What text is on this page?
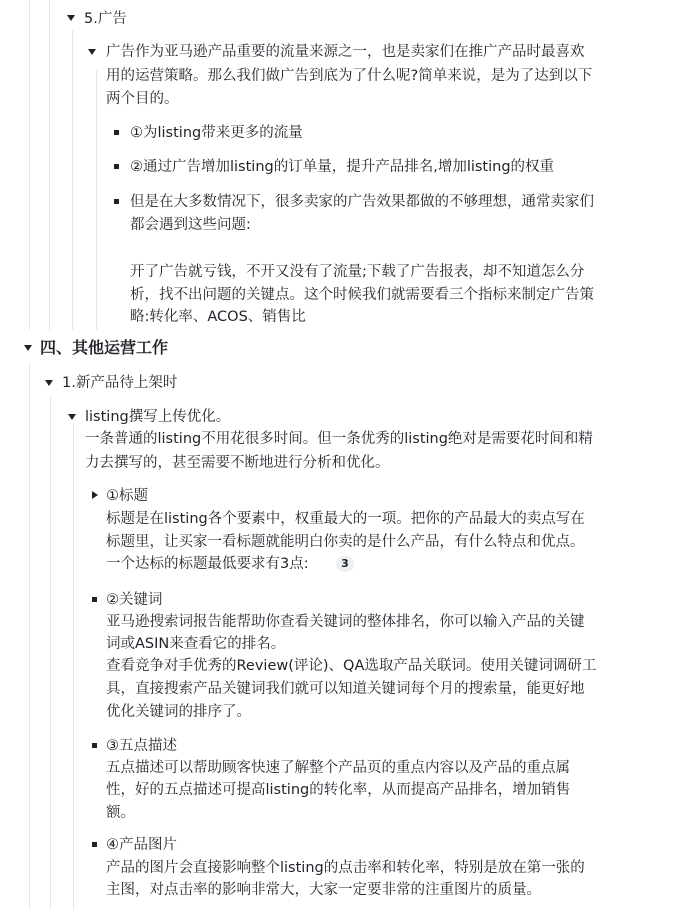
5.广告
广告作为亚马逊产品重要的流量来源之一，也是卖家们在推广产品时最喜欢
用的运营策略。那么我们做广告到底为了什么呢?简单来说，是为了达到以下
两个目的。
①为listing带来更多的流量
②通过广告增加listing的订单量，提升产品排名,增加listing的权重
但是在大多数情况下，很多卖家的广告效果都做的不够理想，通常卖家们
都会遇到这些问题:
开了广告就亏钱，不开又没有了流量;下载了广告报表，却不知道怎么分
析，找不出问题的关键点。这个时候我们就需要看三个指标来制定广告策
略:转化率、ACOS、销售比
四、其他运营工作
1.新产品待上架时
listing撰写上传优化。
一条普通的listing不用花很多时间。但一条优秀的listing绝对是需要花时间和精
力去撰写的，甚至需要不断地进行分析和优化。
①标题
标题是在listing各个要素中，权重最大的一项。把你的产品最大的卖点写在
标题里，让买家一看标题就能明白你卖的是什么产品，有什么特点和优点。
一个达标的标题最低要求有3点:	3
②关键词
亚马逊搜索词报告能帮助你查看关键词的整体排名，你可以输入产品的关键
词或ASIN来查看它的排名。
查看竞争对手优秀的Review(评论)、QA选取产品关联词。使用关键词调研工
具，直接搜索产品关键词我们就可以知道关键词每个月的搜索量，能更好地
优化关键词的排序了。
③五点描述
五点描述可以帮助顾客快速了解整个产品页的重点内容以及产品的重点属
性，好的五点描述可提高listing的转化率，从而提高产品排名，增加销售
额。
④产品图片
产品的图片会直接影响整个listing的点击率和转化率，特别是放在第一张的
主图，对点击率的影响非常大，大家一定要非常的注重图片的质量。
